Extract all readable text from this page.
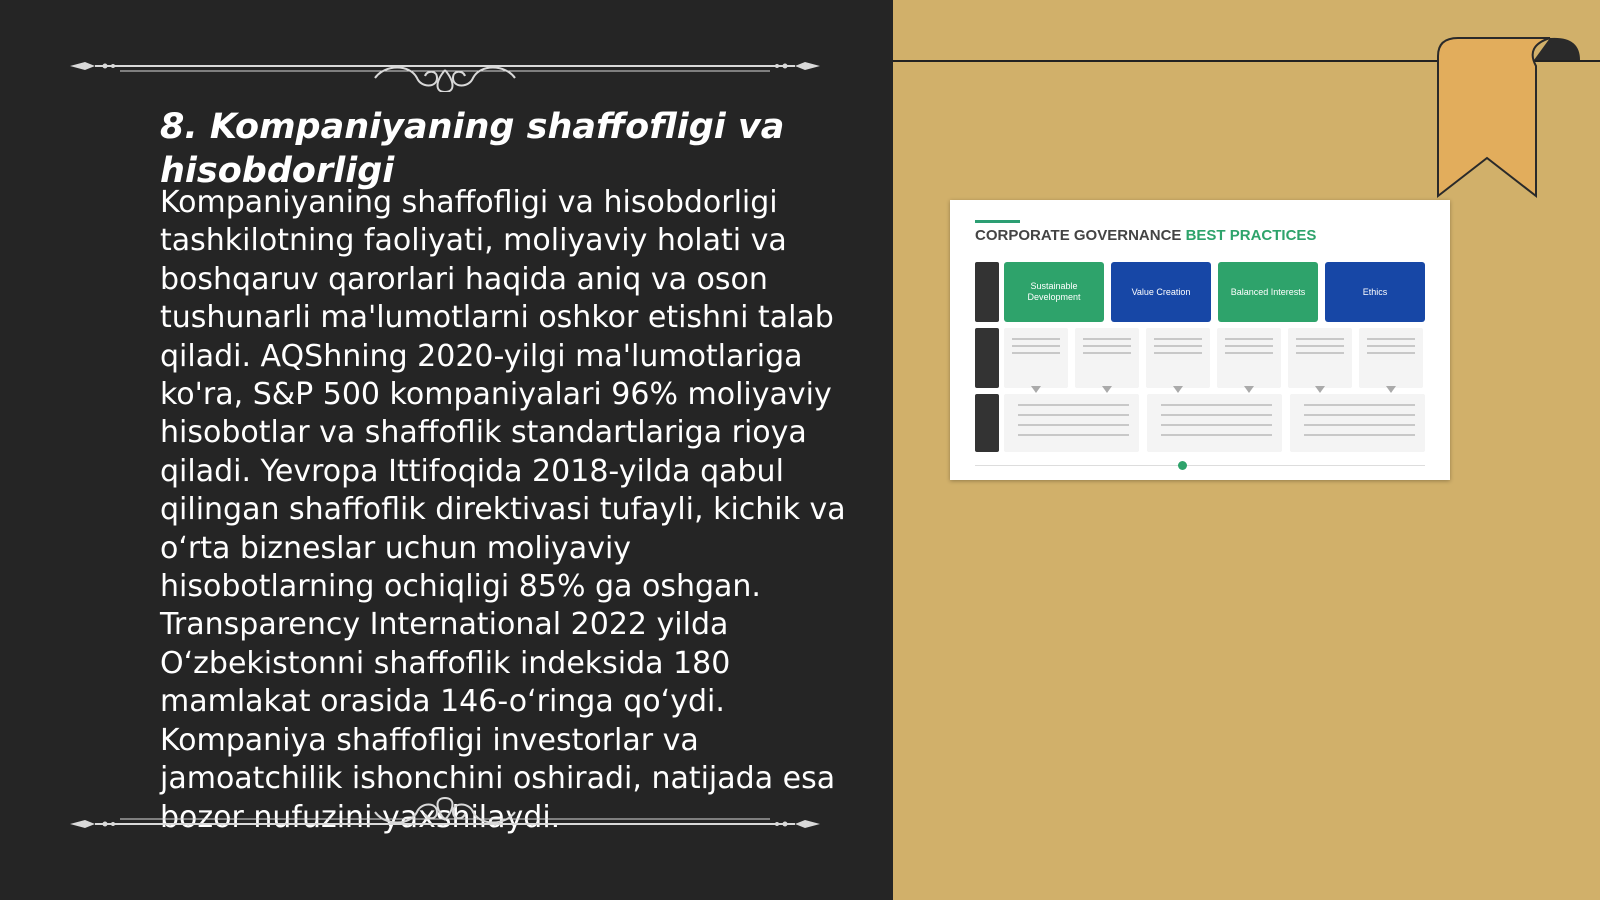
8. Kompaniyaning shaffofligi va hisobdorligi

Kompaniyaning shaffofligi va hisobdorligi tashkilotning faoliyati, moliyaviy holati va boshqaruv qarorlari haqida aniq va oson tushunarli ma'lumotlarni oshkor etishni talab qiladi. AQShning 2020-yilgi ma'lumotlariga ko'ra, S&P 500 kompaniyalari 96% moliyaviy hisobotlar va shaffoflik standartlariga rioya qiladi. Yevropa Ittifoqida 2018-yilda qabul qilingan shaffoflik direktivasi tufayli, kichik va o‘rta bizneslar uchun moliyaviy hisobotlarning ochiqligi 85% ga oshgan. Transparency International 2022 yilda O‘zbekistonni shaffoflik indeksida 180 mamlakat orasida 146-o‘ringa qo‘ydi. Kompaniya shaffofligi investorlar va jamoatchilik ishonchini oshiradi, natijada esa bozor nufuzini yaxshilaydi.

CORPORATE GOVERNANCE BEST PRACTICES
Sustainable Development
Value Creation	Balanced Interests	Ethics
